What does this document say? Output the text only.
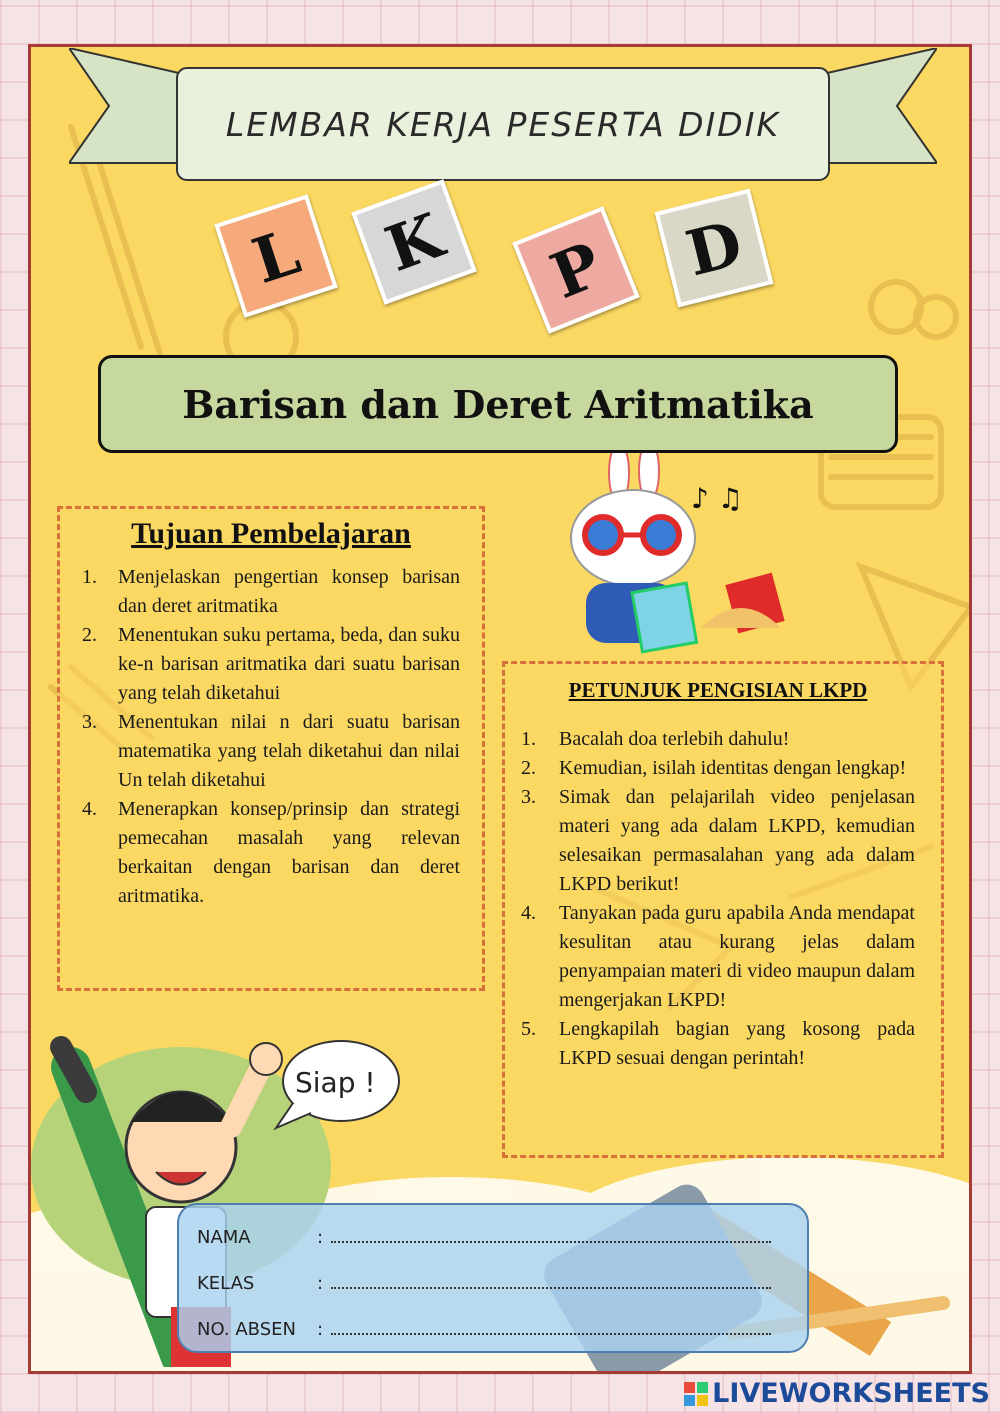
♪ ♫
Siap !
LEMBAR KERJA PESERTA DIDIK
L	K	P	D
Barisan dan Deret Aritmatika
Tujuan Pembelajaran
1.	Menjelaskan pengertian konsep barisan dan deret aritmatika
2.	Menentukan suku pertama, beda, dan suku ke-n barisan aritmatika dari suatu barisan yang telah diketahui
3.	Menentukan nilai n dari suatu barisan matematika yang telah diketahui dan nilai Un telah diketahui
4.	Menerapkan konsep/prinsip dan strategi pemecahan masalah yang relevan berkaitan dengan barisan dan deret aritmatika.
PETUNJUK PENGISIAN LKPD
1.	Bacalah doa terlebih dahulu!
2.	Kemudian, isilah identitas dengan lengkap!
3.	Simak dan pelajarilah video penjelasan materi yang ada dalam LKPD, kemudian selesaikan permasalahan yang ada dalam LKPD berikut!
4.	Tanyakan pada guru apabila Anda mendapat kesulitan atau kurang jelas dalam penyampaian materi di video maupun dalam mengerjakan LKPD!
5.	Lengkapilah bagian yang kosong pada LKPD sesuai dengan perintah!
NAMA	:
KELAS	:
NO. ABSEN	:
LIVEWORKSHEETS
